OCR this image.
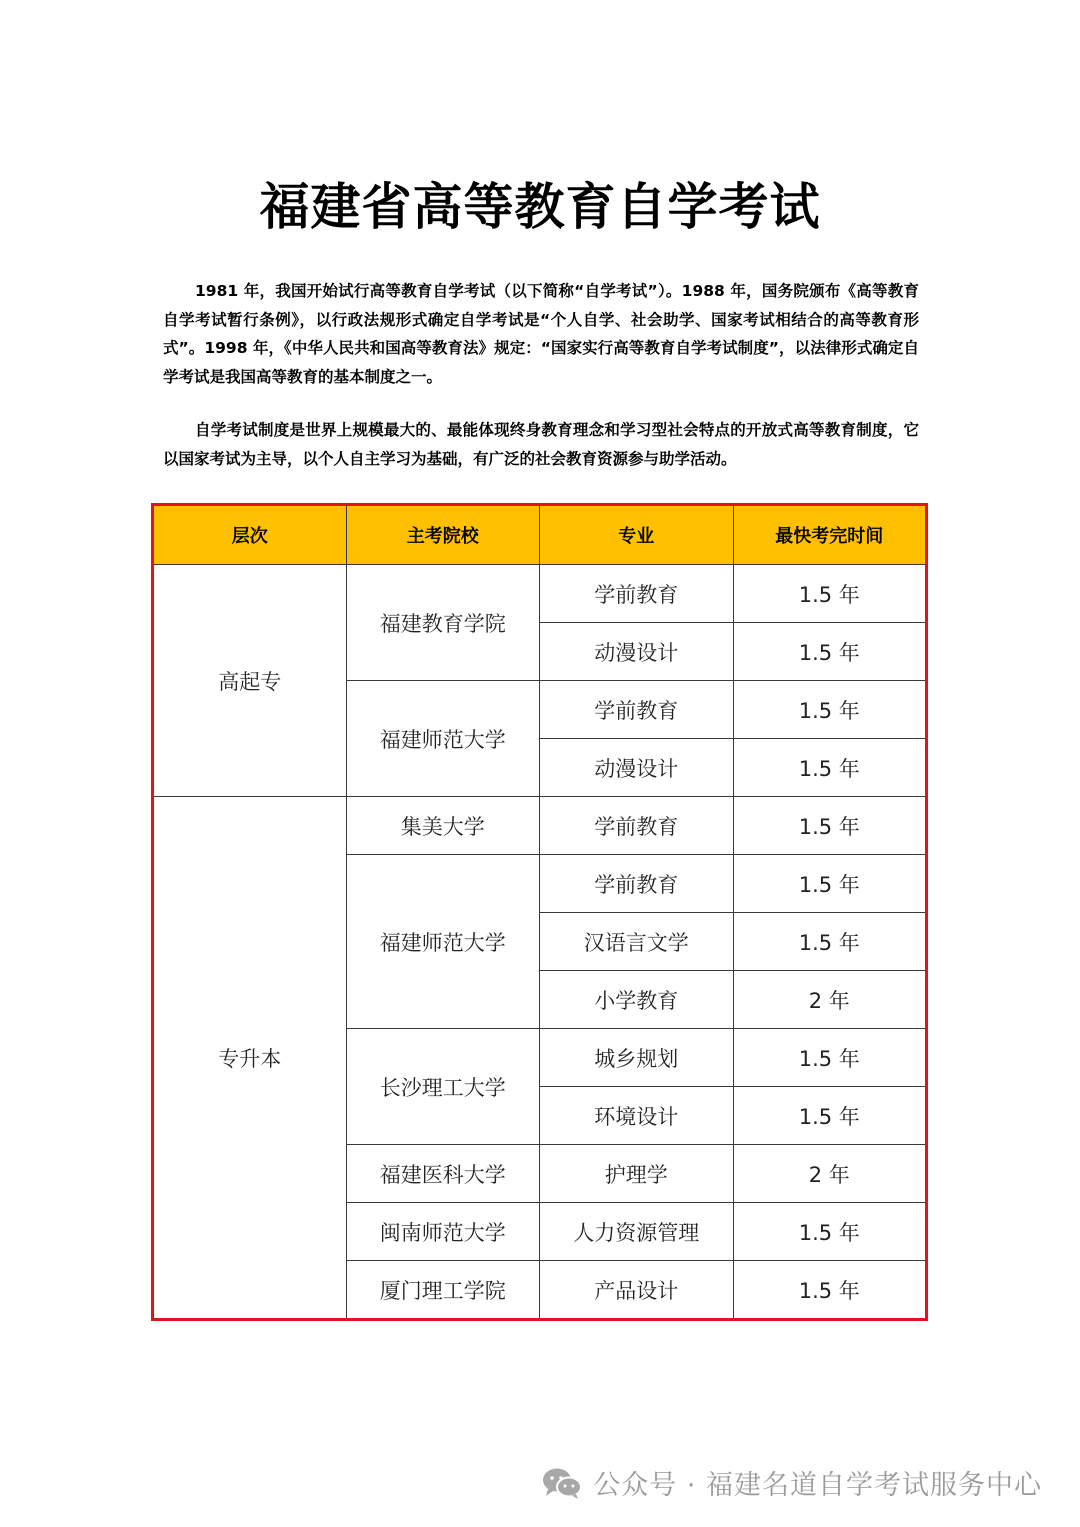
福建省高等教育自学考试

1981 年，我国开始试行高等教育自学考试（以下简称“自学考试”）。1988 年，国务院颁布《高等教育自学考试暂行条例》，以行政法规形式确定自学考试是“个人自学、社会助学、国家考试相结合的高等教育形式”。1998 年，《中华人民共和国高等教育法》规定：“国家实行高等教育自学考试制度”，以法律形式确定自学考试是我国高等教育的基本制度之一。

自学考试制度是世界上规模最大的、最能体现终身教育理念和学习型社会特点的开放式高等教育制度，它以国家考试为主导，以个人自主学习为基础，有广泛的社会教育资源参与助学活动。

层次	主考院校	专业	最快考完时间
高起专	福建教育学院	学前教育	1.5 年
		动漫设计	1.5 年
	福建师范大学	学前教育	1.5 年
		动漫设计	1.5 年
专升本	集美大学	学前教育	1.5 年
	福建师范大学	学前教育	1.5 年
		汉语言文学	1.5 年
		小学教育	2 年
	长沙理工大学	城乡规划	1.5 年
		环境设计	1.5 年
	福建医科大学	护理学	2 年
	闽南师范大学	人力资源管理	1.5 年
	厦门理工学院	产品设计	1.5 年
公众号 · 福建名道自学考试服务中心
